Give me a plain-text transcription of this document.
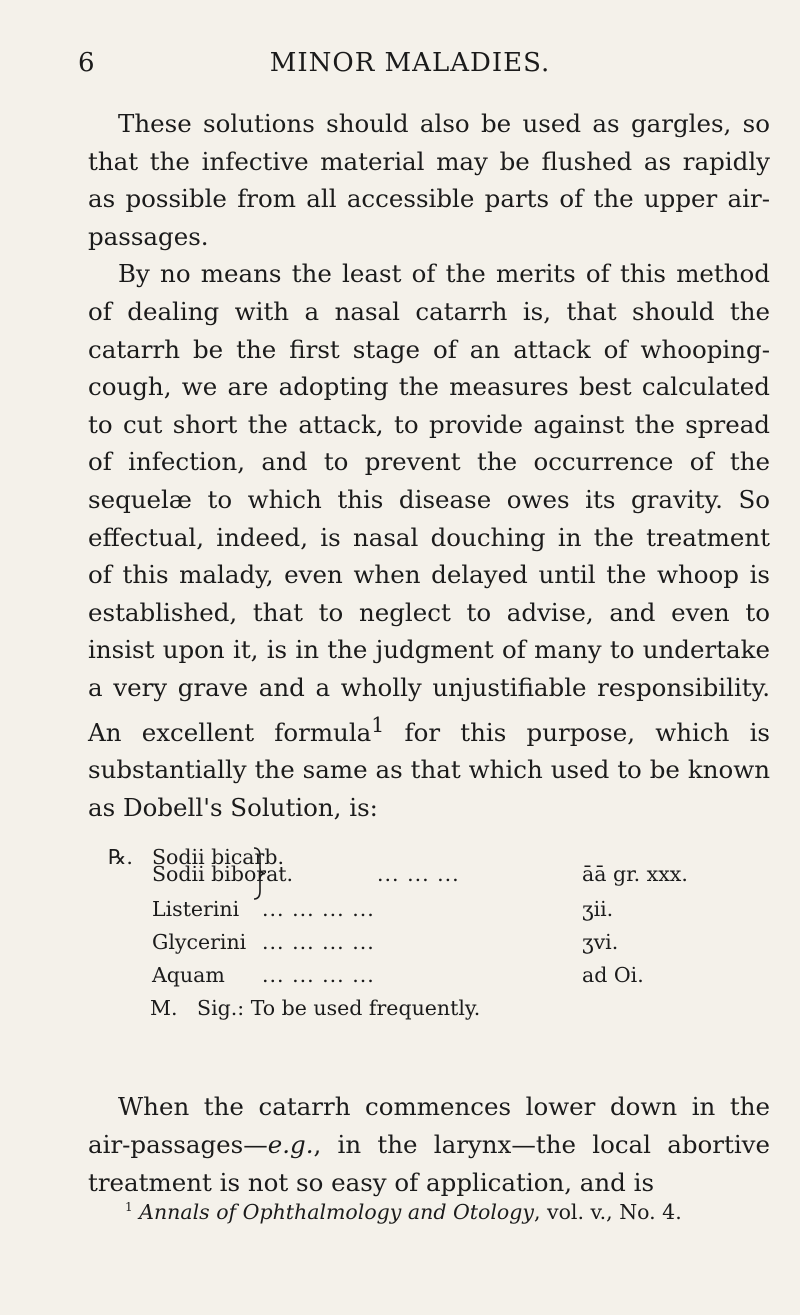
6	MINOR MALADIES.

These solutions should also be used as gargles, so that the infective material may be flushed as rapidly as possible from all accessible parts of the upper air-passages.

By no means the least of the merits of this method of dealing with a nasal catarrh is, that should the catarrh be the first stage of an attack of whooping-cough, we are adopting the measures best calculated to cut short the attack, to provide against the spread of infection, and to prevent the occurrence of the sequelæ to which this disease owes its gravity. So effectual, indeed, is nasal douching in the treatment of this malady, even when delayed until the whoop is established, that to neglect to advise, and even to insist upon it, is in the judgment of many to undertake a very grave and a wholly unjustifiable responsibility. An excellent formula$^1$ for this purpose, which is substantially the same as that which used to be known as Dobell's Solution, is:

℞. Sodii bicarb.
Sodii biborat.	... ... ...	āā gr. xxx.
Listerini ... ... ... ...	ʒii.
Glycerini ... ... ... ...	ʒvi.
Aquam ... ... ... ...	ad Oi.
M.   Sig.: To be used frequently.

When the catarrh commences lower down in the air-passages—e.g., in the larynx—the local abortive treatment is not so easy of application, and is

$^1$ Annals of Ophthalmology and Otology, vol. v., No. 4.
